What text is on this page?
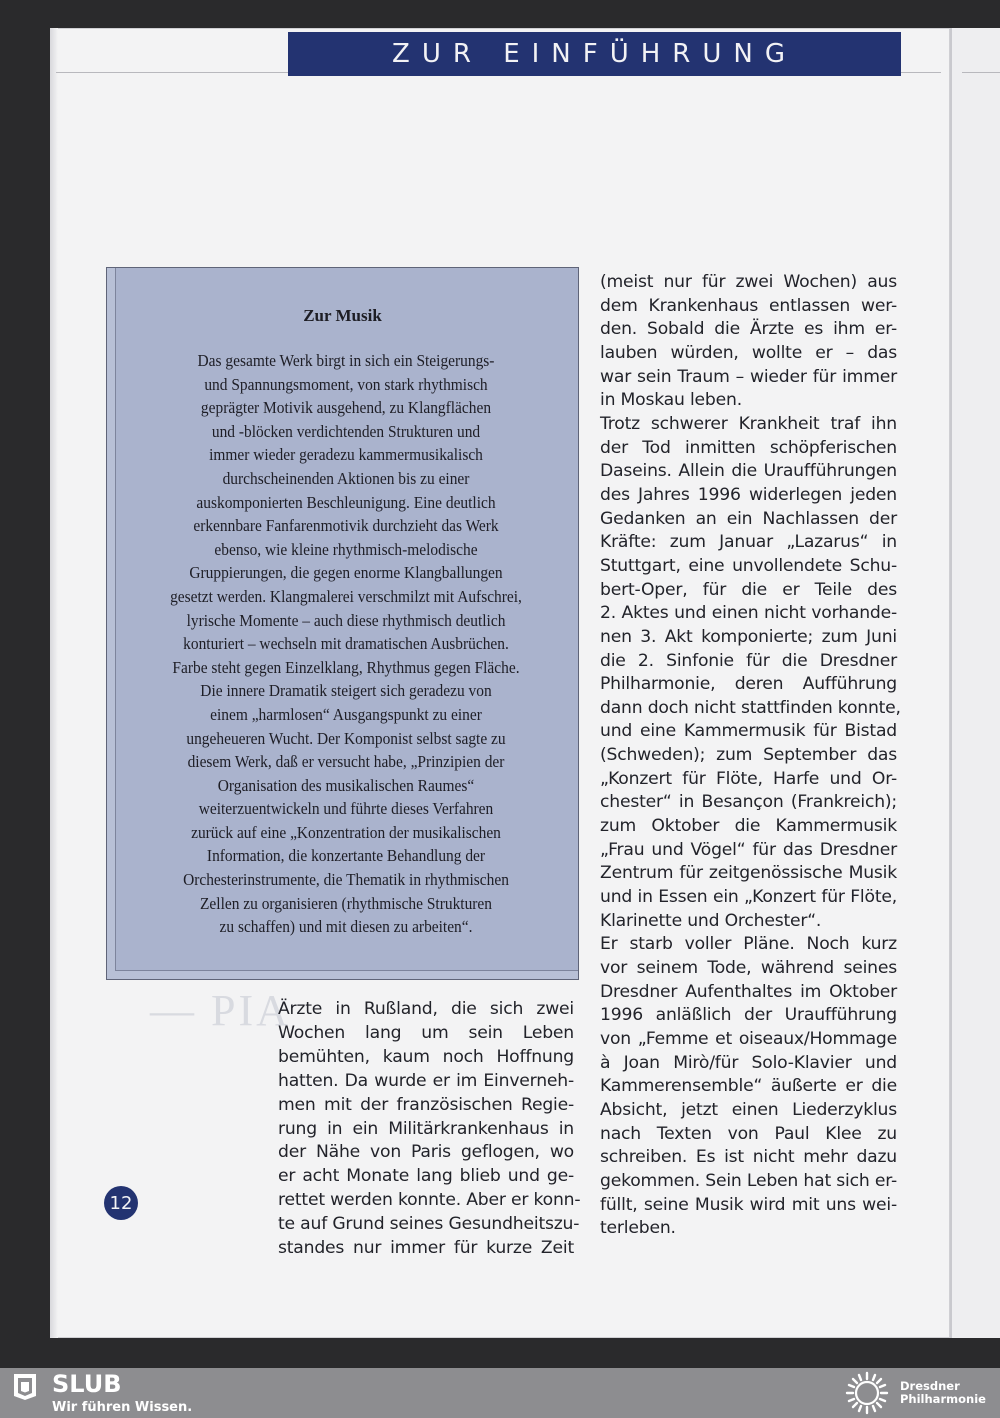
ZUR EINFÜHRUNG
— PIA
Zur Musik
Das gesamte Werk birgt in sich ein Steigerungs-
und Spannungsmoment, von stark rhythmisch
geprägter Motivik ausgehend, zu Klangflächen
und -blöcken verdichtenden Strukturen und
immer wieder geradezu kammermusikalisch
durchscheinenden Aktionen bis zu einer
auskomponierten Beschleunigung. Eine deutlich
erkennbare Fanfarenmotivik durchzieht das Werk
ebenso, wie kleine rhythmisch-melodische
Gruppierungen, die gegen enorme Klangballungen
gesetzt werden. Klangmalerei verschmilzt mit Aufschrei,
lyrische Momente – auch diese rhythmisch deutlich
konturiert – wechseln mit dramatischen Ausbrüchen.
Farbe steht gegen Einzelklang, Rhythmus gegen Fläche.
Die innere Dramatik steigert sich geradezu von
einem „harmlosen“ Ausgangspunkt zu einer
ungeheueren Wucht. Der Komponist selbst sagte zu
diesem Werk, daß er versucht habe, „Prinzipien der
Organisation des musikalischen Raumes“
weiterzuentwickeln und führte dieses Verfahren
zurück auf eine „Konzentration der musikalischen
Information, die konzertante Behandlung der
Orchesterinstrumente, die Thematik in rhythmischen
Zellen zu organisieren (rhythmische Strukturen
zu schaffen) und mit diesen zu arbeiten“.
Ärzte in Rußland, die sich zwei
Wochen lang um sein Leben
bemühten, kaum noch Hoffnung
hatten. Da wurde er im Einverneh-
men mit der französischen Regie-
rung in ein Militärkrankenhaus in
der Nähe von Paris geflogen, wo
er acht Monate lang blieb und ge-
rettet werden konnte. Aber er konn-
te auf Grund seines Gesundheitszu-
standes nur immer für kurze Zeit
(meist nur für zwei Wochen) aus
dem Krankenhaus entlassen wer-
den. Sobald die Ärzte es ihm er-
lauben würden, wollte er – das
war sein Traum – wieder für immer
in Moskau leben.
Trotz schwerer Krankheit traf ihn
der Tod inmitten schöpferischen
Daseins. Allein die Uraufführungen
des Jahres 1996 widerlegen jeden
Gedanken an ein Nachlassen der
Kräfte: zum Januar „Lazarus“ in
Stuttgart, eine unvollendete Schu-
bert-Oper, für die er Teile des
2. Aktes und einen nicht vorhande-
nen 3. Akt komponierte; zum Juni
die 2. Sinfonie für die Dresdner
Philharmonie, deren Aufführung
dann doch nicht stattfinden konnte,
und eine Kammermusik für Bistad
(Schweden); zum September das
„Konzert für Flöte, Harfe und Or-
chester“ in Besançon (Frankreich);
zum Oktober die Kammermusik
„Frau und Vögel“ für das Dresdner
Zentrum für zeitgenössische Musik
und in Essen ein „Konzert für Flöte,
Klarinette und Orchester“.
Er starb voller Pläne. Noch kurz
vor seinem Tode, während seines
Dresdner Aufenthaltes im Oktober
1996 anläßlich der Uraufführung
von „Femme et oiseaux/Hommage
à Joan Mirò/für Solo-Klavier und
Kammerensemble“ äußerte er die
Absicht, jetzt einen Liederzyklus
nach Texten von Paul Klee zu
schreiben. Es ist nicht mehr dazu
gekommen. Sein Leben hat sich er-
füllt, seine Musik wird mit uns wei-
terleben.
12
SLUB
Wir führen Wissen.
Dresdner
Philharmonie
